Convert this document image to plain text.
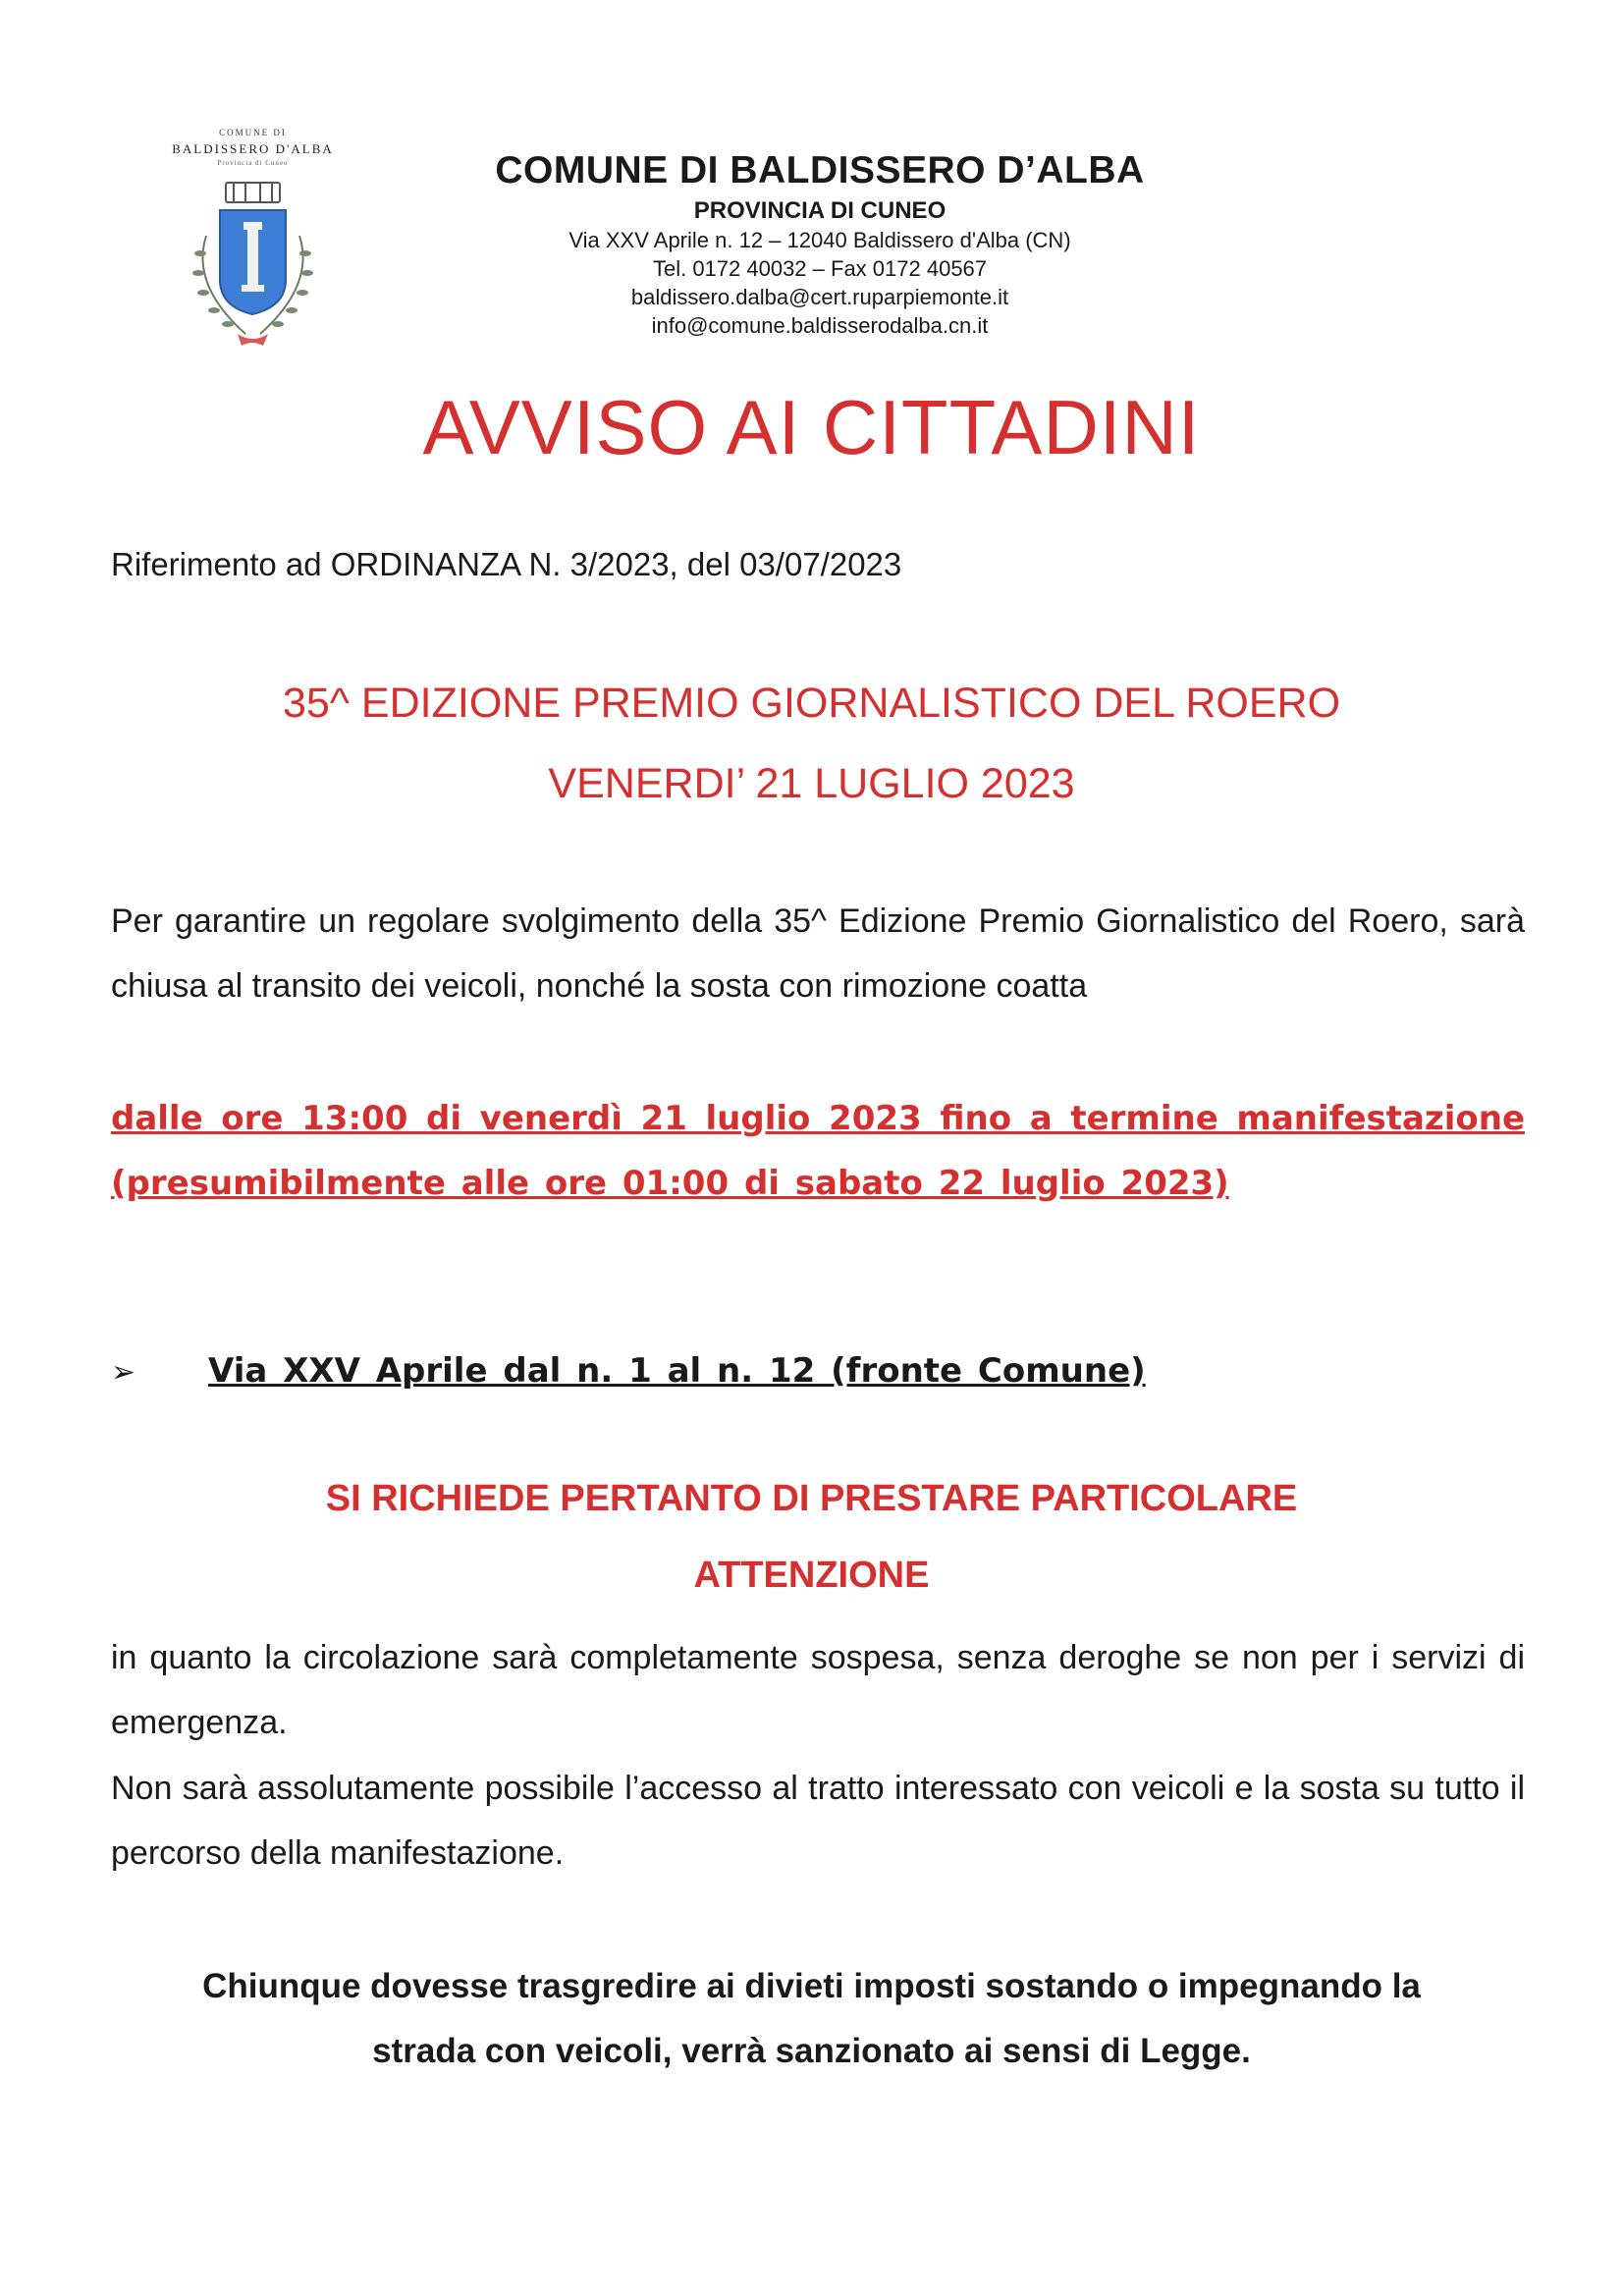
COMUNE DI
BALDISSERO D'ALBA
Provincia di Cuneo	COMUNE DI BALDISSERO D’ALBA
PROVINCIA DI CUNEO
Via XXV Aprile n. 12 – 12040 Baldissero d'Alba (CN)
Tel. 0172 40032 – Fax 0172 40567
baldissero.dalba@cert.ruparpiemonte.it
info@comune.baldisserodalba.cn.it
AVVISO AI CITTADINI
Riferimento ad ORDINANZA N. 3/2023, del 03/07/2023
35^ EDIZIONE PREMIO GIORNALISTICO DEL ROERO
VENERDI’ 21 LUGLIO 2023
Per garantire un regolare svolgimento della 35^ Edizione Premio Giornalistico del Roero, sarà chiusa al transito dei veicoli, nonché la sosta con rimozione coatta
dalle ore 13:00 di venerdì 21 luglio 2023 fino a termine manifestazione (presumibilmente alle ore 01:00 di sabato 22 luglio 2023)
➢ Via XXV Aprile dal n. 1 al n. 12 (fronte Comune)
SI RICHIEDE PERTANTO DI PRESTARE PARTICOLARE
ATTENZIONE
in quanto la circolazione sarà completamente sospesa, senza deroghe se non per i servizi di emergenza.
Non sarà assolutamente possibile l’accesso al tratto interessato con veicoli e la sosta su tutto il percorso della manifestazione.
Chiunque dovesse trasgredire ai divieti imposti sostando o impegnando la
strada con veicoli, verrà sanzionato ai sensi di Legge.
